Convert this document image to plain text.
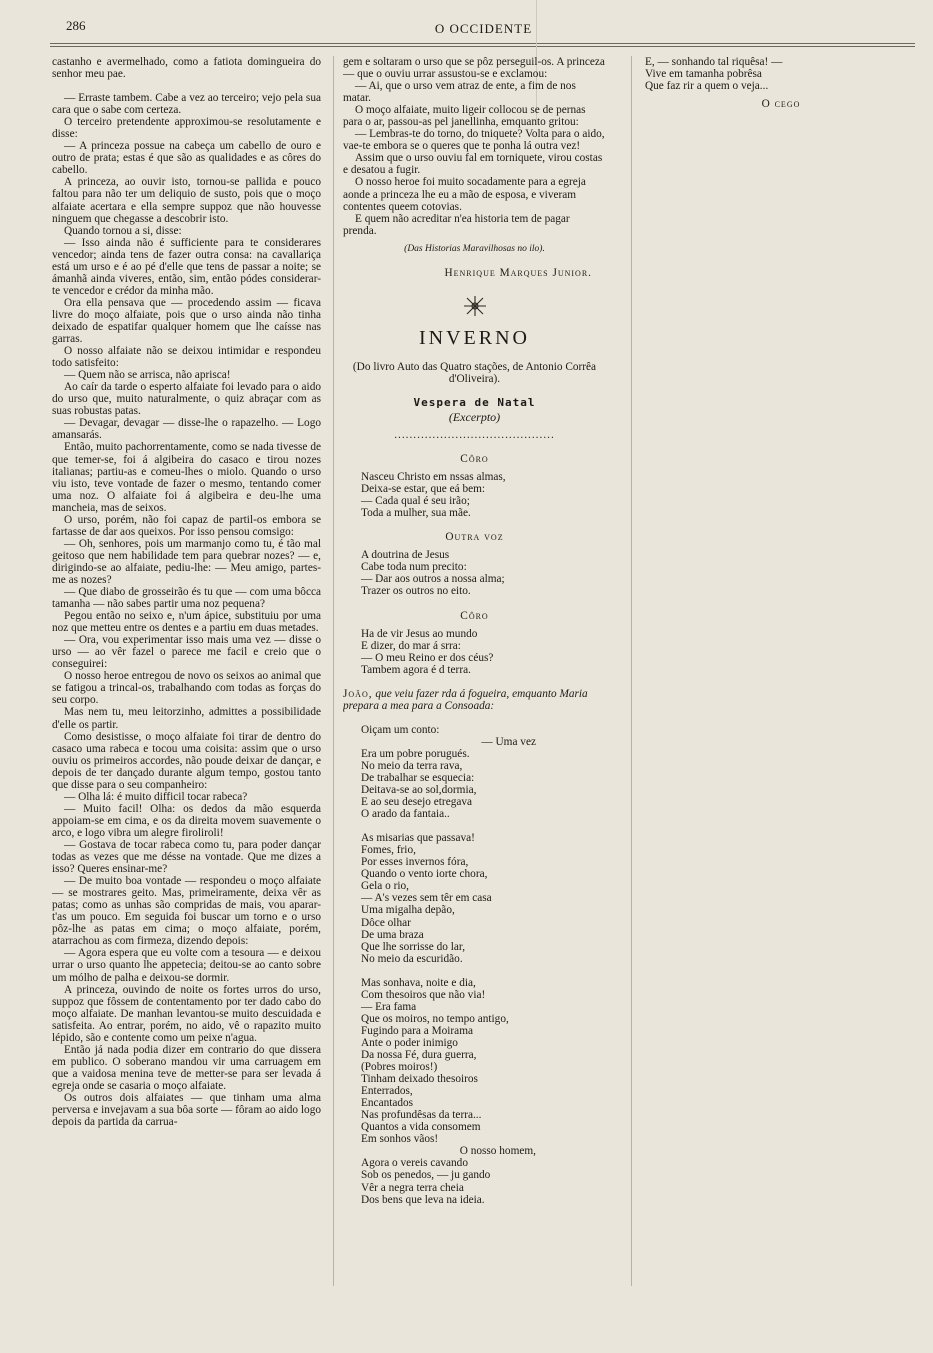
286	O OCCIDENTE

castanho e avermelhado, como a fatiota domingueira do senhor meu pae.

— Erraste tambem. Cabe a vez ao terceiro; vejo pela sua cara que o sabe com certeza.

O terceiro pretendente approximou-se resolutamente e disse:

— A princeza possue na cabeça um cabello de ouro e outro de prata; estas é que são as qualidades e as côres do cabello.

A princeza, ao ouvir isto, tornou-se pallida e pouco faltou para não ter um deliquio de susto, pois que o moço alfaiate acertara e ella sempre suppoz que não houvesse ninguem que chegasse a descobrir isto.

Quando tornou a si, disse:

— Isso ainda não é sufficiente para te considerares vencedor; ainda tens de fazer outra consa: na cavallariça está um urso e é ao pé d'elle que tens de passar a noite; se ámanhã ainda viveres, então, sim, então pódes considerar-te vencedor e crédor da minha mão.

Ora ella pensava que — procedendo assim — ficava livre do moço alfaiate, pois que o urso ainda não tinha deixado de espatifar qualquer homem que lhe caísse nas garras.

O nosso alfaiate não se deixou intimidar e respondeu todo satisfeito:

— Quem não se arrisca, não aprisca!

Ao caír da tarde o esperto alfaiate foi levado para o aido do urso que, muito naturalmente, o quiz abraçar com as suas robustas patas.

— Devagar, devagar — disse-lhe o rapazelho. — Logo amansarás.

Então, muito pachorrentamente, como se nada tivesse de que temer-se, foi á algibeira do casaco e tirou nozes italianas; partiu-as e comeu-lhes o miolo. Quando o urso viu isto, teve vontade de fazer o mesmo, tentando comer uma noz. O alfaiate foi á algibeira e deu-lhe uma mancheia, mas de seixos.

O urso, porém, não foi capaz de partil-os embora se fartasse de dar aos queixos. Por isso pensou comsigo:

— Oh, senhores, pois um marmanjo como tu, é tão mal geitoso que nem habilidade tem para quebrar nozes? — e, dirigindo-se ao alfaiate, pediu-lhe: — Meu amigo, partes-me as nozes?

— Que diabo de grosseirão és tu que — com uma bôcca tamanha — não sabes partir uma noz pequena?

Pegou então no seixo e, n'um ápice, substituiu por uma noz que metteu entre os dentes e a partiu em duas metades.

— Ora, vou experimentar isso mais uma vez — disse o urso — ao vêr fazel o parece me facil e creio que o conseguirei:

O nosso heroe entregou de novo os seixos ao animal que se fatigou a trincal-os, trabalhando com todas as forças do seu corpo.

Mas nem tu, meu leitorzinho, admittes a possibilidade d'elle os partir.

Como desistisse, o moço alfaiate foi tirar de dentro do casaco uma rabeca e tocou uma coisita: assim que o urso ouviu os primeiros accordes, não poude deixar de dançar, e depois de ter dançado durante algum tempo, gostou tanto que disse para o seu companheiro:

— Olha lá: é muito difficil tocar rabeca?

— Muito facil! Olha: os dedos da mão esquerda appoiam-se em cima, e os da direita movem suavemente o arco, e logo vibra um alegre firoliroli!

— Gostava de tocar rabeca como tu, para poder dançar todas as vezes que me désse na vontade. Que me dizes a isso? Queres ensinar-me?

— De muito boa vontade — respondeu o moço alfaiate — se mostrares geito. Mas, primeiramente, deixa vêr as patas; como as unhas são compridas de mais, vou aparar-t'as um pouco. Em seguida foi buscar um torno e o urso pôz-lhe as patas em cima; o moço alfaiate, porém, atarrachou as com firmeza, dizendo depois:

— Agora espera que eu volte com a tesoura — e deixou urrar o urso quanto lhe appetecia; deitou-se ao canto sobre um mólho de palha e deixou-se dormir.

A princeza, ouvindo de noite os fortes urros do urso, suppoz que fôssem de contentamento por ter dado cabo do moço alfaiate. De manhan levantou-se muito descuidada e satisfeita. Ao entrar, porém, no aido, vê o rapazito muito lépido, são e contente como um peixe n'agua.

Então já nada podia dizer em contrario do que dissera em publico. O soberano mandou vir uma carruagem em que a vaidosa menina teve de metter-se para ser levada á egreja onde se casaria o moço alfaiate.

Os outros dois alfaiates — que tinham uma alma perversa e invejavam a sua bôa sorte — fôram ao aido logo depois da partida da carrua-

gem e soltaram o urso que se pôz perseguil-os. A princeza — que o ouviu urrar assustou-se e exclamou:

— Ai, que o urso vem atraz de ente, a fim de nos matar.

O moço alfaiate, muito ligeir collocou se de pernas para o ar, passou-as pel janellinha, emquanto gritou:

— Lembras-te do torno, do tniquete? Volta para o aido, vae-te embora se o queres que te ponha lá outra vez!

Assim que o urso ouviu fal em torniquete, virou costas e desatou a fugir.

O nosso heroe foi muito socadamente para a egreja aonde a princeza lhe eu a mão de esposa, e viveram contentes queem cotovias.

E quem não acreditar n'ea historia tem de pagar prenda.

(Das Historias Maravilhosas no ilo).

Henrique Marques Junior.

INVERNO

(Do livro Auto das Quatro stações, de Antonio Corrêa d'Oliveira).

Vespera de Natal
(Excerpto)
..........................................
Côro

Nasceu Christo em nssas almas,

Deixa-se estar, que eá bem:

— Cada qual é seu irão;

Toda a mulher, sua mãe.

Outra voz

A doutrina de Jesus

Cabe toda num precito:

— Dar aos outros a nossa alma;

Trazer os outros no eito.

Côro

Ha de vir Jesus ao mundo

E dizer, do mar á srra:

— O meu Reino er dos céus?

Tambem agora é d terra.

João, que veiu fazer rda á fogueira, emquanto Maria prepara a mea para a Consoada:

Oiçam um conto:

— Uma vez

Era um pobre porugués.

No meio da terra rava,

De trabalhar se esquecia:

Deitava-se ao sol,dormia,

E ao seu desejo etregava

O arado da fantaia..

As misarias que passava!

Fomes, frio,

Por esses invernos fóra,

Quando o vento iorte chora,

Gela o rio,

— A's vezes sem têr em casa

Uma migalha depão,

Dôce olhar

De uma braza

Que lhe sorrisse do lar,

No meio da escuridão.

Mas sonhava, noite e dia,

Com thesoiros que não via!

— Era fama

Que os moiros, no tempo antigo,

Fugindo para a Moirama

Ante o poder inimigo

Da nossa Fé, dura guerra,

(Pobres moiros!)

Tinham deixado thesoiros

Enterrados,

Encantados

Nas profundêsas da terra...

Quantos a vida consomem

Em sonhos vãos!

O nosso homem,

Agora o vereis cavando

Sob os penedos, — ju gando

Vêr a negra terra cheia

Dos bens que leva na ideia.

E, — sonhando tal riquêsa! —

Vive em tamanha pobrêsa

Que faz rir a quem o veja...

O cego
